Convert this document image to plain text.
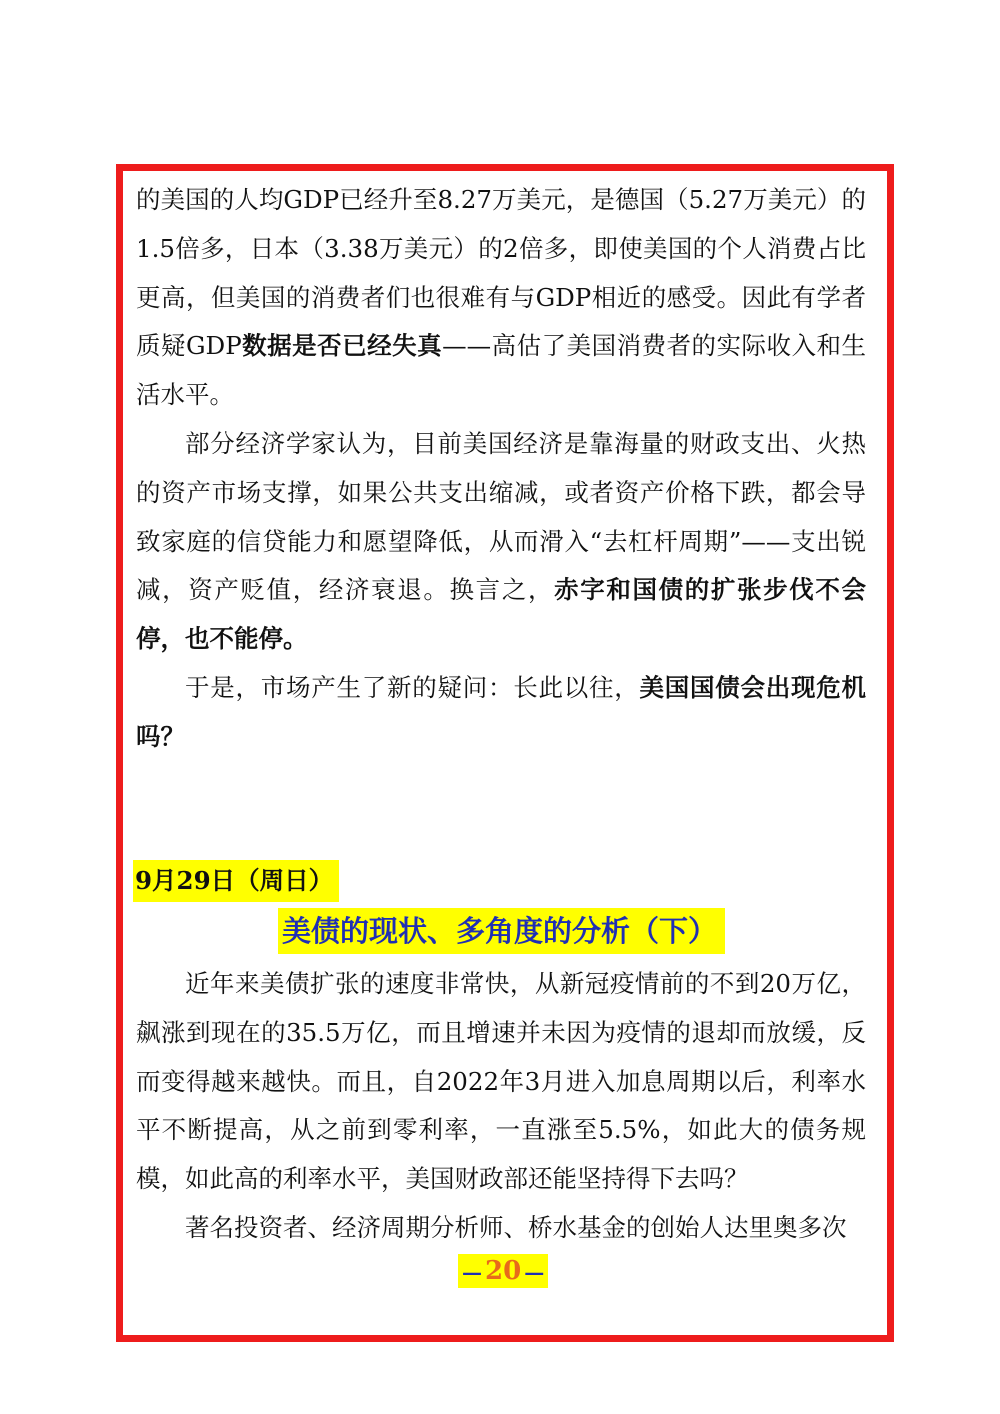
的美国的人均GDP已经升至8.27万美元，是德国（5.27万美元）的1.5倍多，日本（3.38万美元）的2倍多，即使美国的个人消费占比更高，但美国的消费者们也很难有与GDP相近的感受。因此有学者质疑GDP数据是否已经失真——高估了美国消费者的实际收入和生活水平。

部分经济学家认为，目前美国经济是靠海量的财政支出、火热的资产市场支撑，如果公共支出缩减，或者资产价格下跌，都会导致家庭的信贷能力和愿望降低，从而滑入“去杠杆周期”——支出锐减，资产贬值，经济衰退。换言之，赤字和国债的扩张步伐不会停，也不能停。

于是，市场产生了新的疑问：长此以往，美国国债会出现危机吗？

9月29日（周日）
美债的现状、多角度的分析（下）

近年来美债扩张的速度非常快，从新冠疫情前的不到20万亿，飙涨到现在的35.5万亿，而且增速并未因为疫情的退却而放缓，反而变得越来越快。而且，自2022年3月进入加息周期以后，利率水平不断提高，从之前到零利率，一直涨至5.5%，如此大的债务规模，如此高的利率水平，美国财政部还能坚持得下去吗？

著名投资者、经济周期分析师、桥水基金的创始人达里奥多次

— 20 —
